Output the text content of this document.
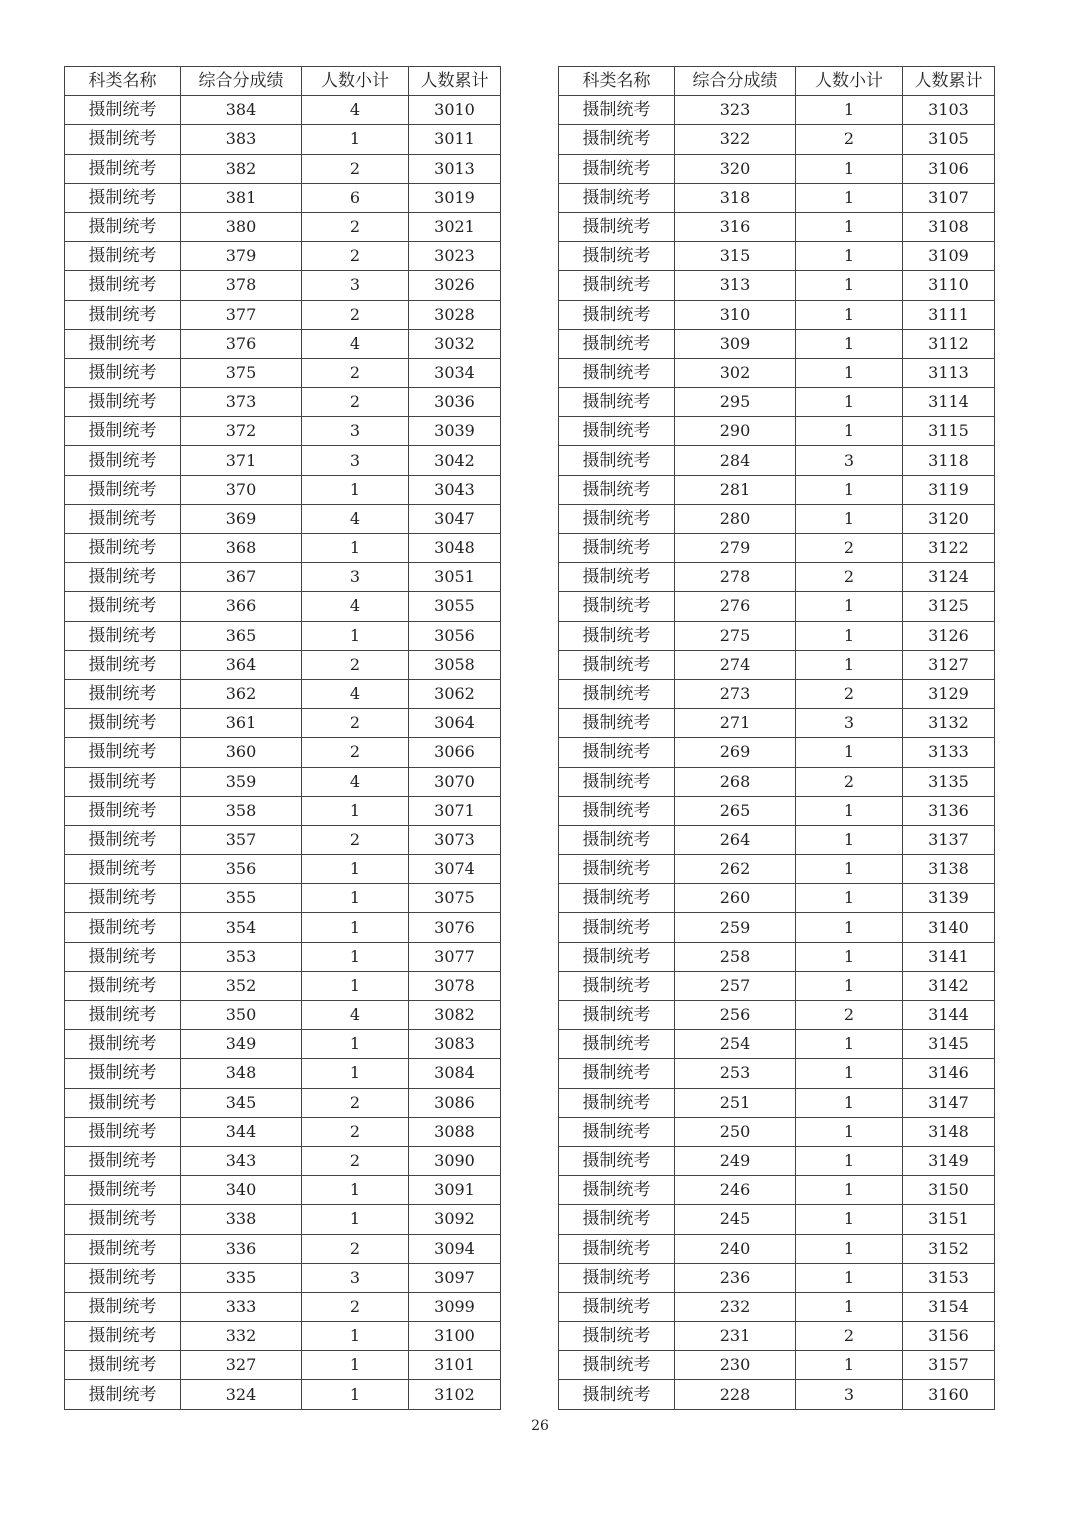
科类名称	综合分成绩	人数小计	人数累计
摄制统考	384	4	3010
摄制统考	383	1	3011
摄制统考	382	2	3013
摄制统考	381	6	3019
摄制统考	380	2	3021
摄制统考	379	2	3023
摄制统考	378	3	3026
摄制统考	377	2	3028
摄制统考	376	4	3032
摄制统考	375	2	3034
摄制统考	373	2	3036
摄制统考	372	3	3039
摄制统考	371	3	3042
摄制统考	370	1	3043
摄制统考	369	4	3047
摄制统考	368	1	3048
摄制统考	367	3	3051
摄制统考	366	4	3055
摄制统考	365	1	3056
摄制统考	364	2	3058
摄制统考	362	4	3062
摄制统考	361	2	3064
摄制统考	360	2	3066
摄制统考	359	4	3070
摄制统考	358	1	3071
摄制统考	357	2	3073
摄制统考	356	1	3074
摄制统考	355	1	3075
摄制统考	354	1	3076
摄制统考	353	1	3077
摄制统考	352	1	3078
摄制统考	350	4	3082
摄制统考	349	1	3083
摄制统考	348	1	3084
摄制统考	345	2	3086
摄制统考	344	2	3088
摄制统考	343	2	3090
摄制统考	340	1	3091
摄制统考	338	1	3092
摄制统考	336	2	3094
摄制统考	335	3	3097
摄制统考	333	2	3099
摄制统考	332	1	3100
摄制统考	327	1	3101
摄制统考	324	1	3102
科类名称	综合分成绩	人数小计	人数累计
摄制统考	323	1	3103
摄制统考	322	2	3105
摄制统考	320	1	3106
摄制统考	318	1	3107
摄制统考	316	1	3108
摄制统考	315	1	3109
摄制统考	313	1	3110
摄制统考	310	1	3111
摄制统考	309	1	3112
摄制统考	302	1	3113
摄制统考	295	1	3114
摄制统考	290	1	3115
摄制统考	284	3	3118
摄制统考	281	1	3119
摄制统考	280	1	3120
摄制统考	279	2	3122
摄制统考	278	2	3124
摄制统考	276	1	3125
摄制统考	275	1	3126
摄制统考	274	1	3127
摄制统考	273	2	3129
摄制统考	271	3	3132
摄制统考	269	1	3133
摄制统考	268	2	3135
摄制统考	265	1	3136
摄制统考	264	1	3137
摄制统考	262	1	3138
摄制统考	260	1	3139
摄制统考	259	1	3140
摄制统考	258	1	3141
摄制统考	257	1	3142
摄制统考	256	2	3144
摄制统考	254	1	3145
摄制统考	253	1	3146
摄制统考	251	1	3147
摄制统考	250	1	3148
摄制统考	249	1	3149
摄制统考	246	1	3150
摄制统考	245	1	3151
摄制统考	240	1	3152
摄制统考	236	1	3153
摄制统考	232	1	3154
摄制统考	231	2	3156
摄制统考	230	1	3157
摄制统考	228	3	3160
26
